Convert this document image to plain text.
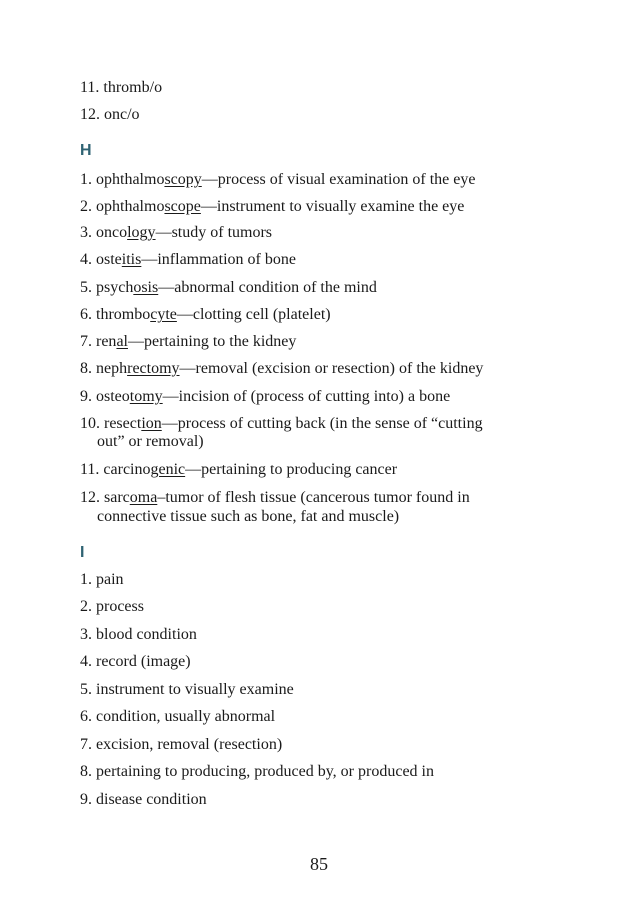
11. thromb/o
12. onc/o
H
1. ophthalmoscopy—process of visual examination of the eye
2. ophthalmoscope—instrument to visually examine the eye
3. oncology—study of tumors
4. osteitis—inflammation of bone
5. psychosis—abnormal condition of the mind
6. thrombocyte—clotting cell (platelet)
7. renal—pertaining to the kidney
8. nephrectomy—removal (excision or resection) of the kidney
9. osteotomy—incision of (process of cutting into) a bone
10. resection—process of cutting back (in the sense of “cutting
out” or removal)
11. carcinogenic—pertaining to producing cancer
12. sarcoma–tumor of flesh tissue (cancerous tumor found in
connective tissue such as bone, fat and muscle)
I
1. pain
2. process
3. blood condition
4. record (image)
5. instrument to visually examine
6. condition, usually abnormal
7. excision, removal (resection)
8. pertaining to producing, produced by, or produced in
9. disease condition
85
